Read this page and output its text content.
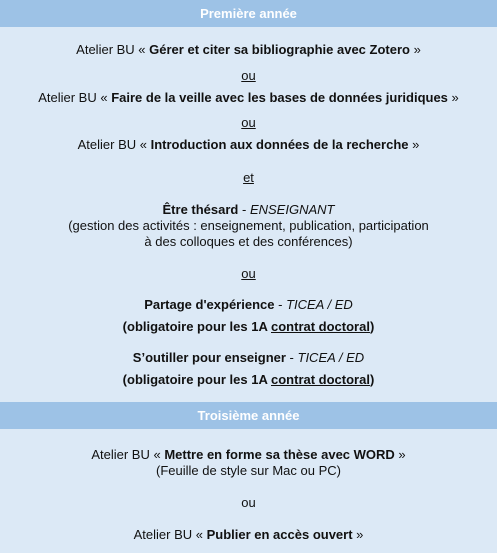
Première année
Atelier BU « Gérer et citer sa bibliographie avec Zotero »
ou
Atelier BU « Faire de la veille avec les bases de données juridiques »
ou
Atelier BU « Introduction aux données de la recherche »
et
Être thésard - ENSEIGNANT
(gestion des activités : enseignement, publication, participation
à des colloques et des conférences)
ou
Partage d'expérience - TICEA / ED
(obligatoire pour les 1A contrat doctoral)
S’outiller pour enseigner - TICEA / ED
(obligatoire pour les 1A contrat doctoral)
Troisième année
Atelier BU « Mettre en forme sa thèse avec WORD »
(Feuille de style sur Mac ou PC)
ou
Atelier BU « Publier en accès ouvert »
